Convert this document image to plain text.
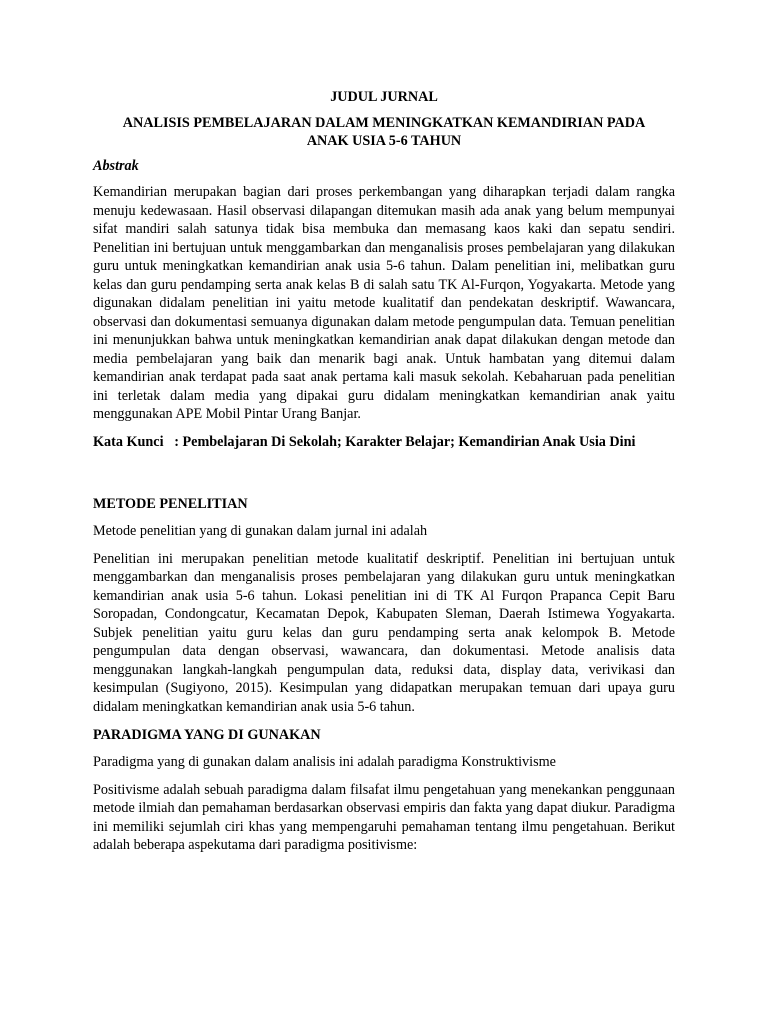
JUDUL JURNAL
ANALISIS PEMBELAJARAN DALAM MENINGKATKAN KEMANDIRIAN PADA
ANAK USIA 5-6 TAHUN
Abstrak

Kemandirian merupakan bagian dari proses perkembangan yang diharapkan terjadi dalam rangka menuju kedewasaan. Hasil observasi dilapangan ditemukan masih ada anak yang belum mempunyai sifat mandiri salah satunya tidak bisa membuka dan memasang kaos kaki dan sepatu sendiri. Penelitian ini bertujuan untuk menggambarkan dan menganalisis proses pembelajaran yang dilakukan guru untuk meningkatkan kemandirian anak usia 5-6 tahun. Dalam penelitian ini, melibatkan guru kelas dan guru pendamping serta anak kelas B di salah satu TK Al-Furqon, Yogyakarta. Metode yang digunakan didalam penelitian ini yaitu metode kualitatif dan pendekatan deskriptif. Wawancara, observasi dan dokumentasi semuanya digunakan dalam metode pengumpulan data. Temuan penelitian ini menunjukkan bahwa untuk meningkatkan kemandirian anak dapat dilakukan dengan metode dan media pembelajaran yang baik dan menarik bagi anak. Untuk hambatan yang ditemui dalam kemandirian anak terdapat pada saat anak pertama kali masuk sekolah. Kebaharuan pada penelitian ini terletak dalam media yang dipakai guru didalam meningkatkan kemandirian anak yaitu menggunakan APE Mobil Pintar Urang Banjar.

Kata Kunci   : Pembelajaran Di Sekolah; Karakter Belajar; Kemandirian Anak Usia Dini

METODE PENELITIAN

Metode penelitian yang di gunakan dalam jurnal ini adalah

Penelitian ini merupakan penelitian metode kualitatif deskriptif. Penelitian ini bertujuan untuk menggambarkan dan menganalisis proses pembelajaran yang dilakukan guru untuk meningkatkan kemandirian anak usia 5-6 tahun. Lokasi penelitian ini di TK Al Furqon Prapanca Cepit Baru Soropadan, Condongcatur, Kecamatan Depok, Kabupaten Sleman, Daerah Istimewa Yogyakarta. Subjek penelitian yaitu guru kelas dan guru pendamping serta anak kelompok B. Metode pengumpulan data dengan observasi, wawancara, dan dokumentasi. Metode analisis data menggunakan langkah-langkah pengumpulan data, reduksi data, display data, verivikasi dan kesimpulan (Sugiyono, 2015). Kesimpulan yang didapatkan merupakan temuan dari upaya guru didalam meningkatkan kemandirian anak usia 5-6 tahun.

PARADIGMA YANG DI GUNAKAN

Paradigma yang di gunakan dalam analisis ini adalah paradigma Konstruktivisme

Positivisme adalah sebuah paradigma dalam filsafat ilmu pengetahuan yang menekankan penggunaan metode ilmiah dan pemahaman berdasarkan observasi empiris dan fakta yang dapat diukur. Paradigma ini memiliki sejumlah ciri khas yang mempengaruhi pemahaman tentang ilmu pengetahuan. Berikut adalah beberapa aspekutama dari paradigma positivisme:
